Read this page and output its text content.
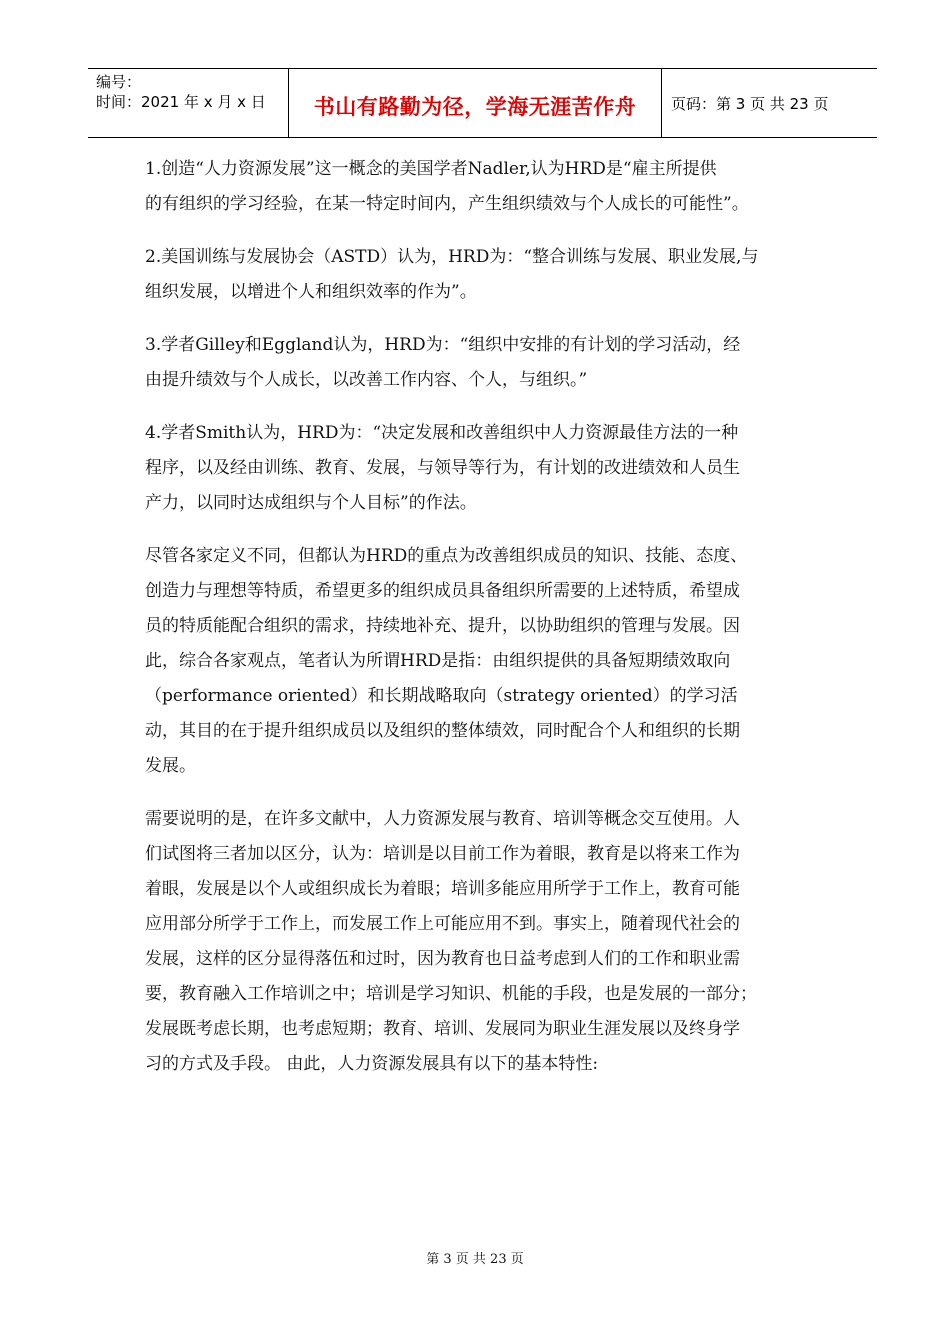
编号：
时间：2021 年 x 月 x 日	书山有路勤为径，学海无涯苦作舟	页码：第 3 页 共 23 页

1.创造“人力资源发展”这一概念的美国学者Nadler,认为HRD是“雇主所提供
的有组织的学习经验，在某一特定时间内，产生组织绩效与个人成长的可能性”。

2.美国训练与发展协会（ASTD）认为，HRD为：“整合训练与发展、职业发展,与
组织发展，以增进个人和组织效率的作为”。

3.学者Gilley和Eggland认为，HRD为：“组织中安排的有计划的学习活动，经
由提升绩效与个人成长，以改善工作内容、个人，与组织。”

4.学者Smith认为，HRD为：“决定发展和改善组织中人力资源最佳方法的一种
程序，以及经由训练、教育、发展，与领导等行为，有计划的改进绩效和人员生
产力，以同时达成组织与个人目标”的作法。

尽管各家定义不同，但都认为HRD的重点为改善组织成员的知识、技能、态度、
创造力与理想等特质，希望更多的组织成员具备组织所需要的上述特质，希望成
员的特质能配合组织的需求，持续地补充、提升，以协助组织的管理与发展。因
此，综合各家观点，笔者认为所谓HRD是指：由组织提供的具备短期绩效取向
（performance oriented）和长期战略取向（strategy oriented）的学习活
动，其目的在于提升组织成员以及组织的整体绩效，同时配合个人和组织的长期
发展。

需要说明的是，在许多文献中，人力资源发展与教育、培训等概念交互使用。人
们试图将三者加以区分，认为：培训是以目前工作为着眼，教育是以将来工作为
着眼，发展是以个人或组织成长为着眼；培训多能应用所学于工作上，教育可能
应用部分所学于工作上，而发展工作上可能应用不到。事实上，随着现代社会的
发展，这样的区分显得落伍和过时，因为教育也日益考虑到人们的工作和职业需
要，教育融入工作培训之中；培训是学习知识、机能的手段，也是发展的一部分；
发展既考虑长期，也考虑短期；教育、培训、发展同为职业生涯发展以及终身学
习的方式及手段。 由此，人力资源发展具有以下的基本特性:

第 3 页 共 23 页
